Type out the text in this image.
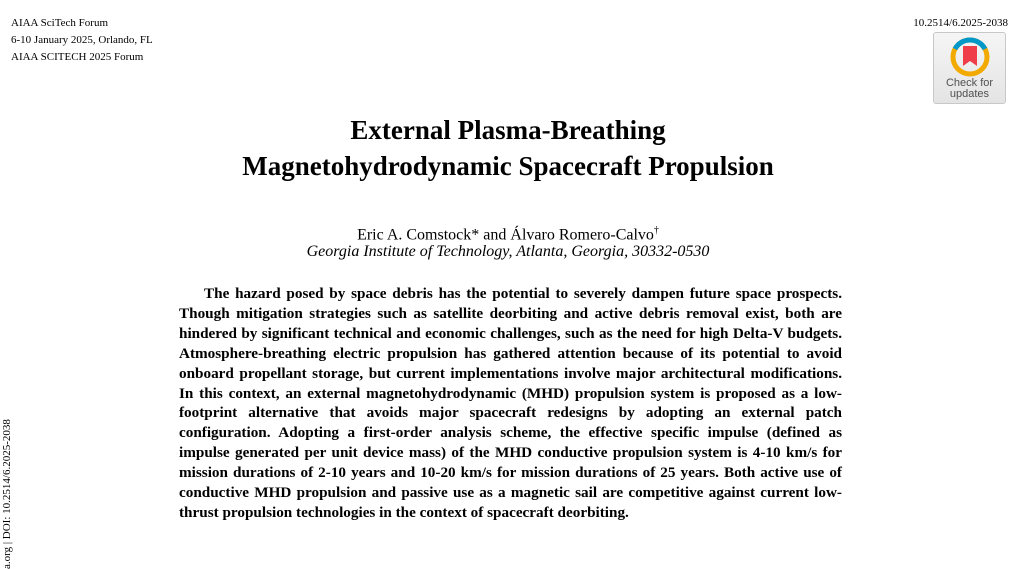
AIAA SciTech Forum
6-10 January 2025, Orlando, FL
AIAA SCITECH 2025 Forum
10.2514/6.2025-2038
Check for
updates
External Plasma-Breathing
Magnetohydrodynamic Spacecraft Propulsion
Eric A. Comstock* and Álvaro Romero-Calvo†
Georgia Institute of Technology, Atlanta, Georgia, 30332-0530
The hazard posed by space debris has the potential to severely dampen future space prospects. Though mitigation strategies such as satellite deorbiting and active debris removal exist, both are hindered by significant technical and economic challenges, such as the need for high Delta-V budgets. Atmosphere-breathing electric propulsion has gathered attention because of its potential to avoid onboard propellant storage, but current implementations involve major architectural modifications. In this context, an external magnetohydrodynamic (MHD) propulsion system is proposed as a low-footprint alternative that avoids major spacecraft redesigns by adopting an external patch configuration. Adopting a first-order analysis scheme, the effective specific impulse (defined as impulse generated per unit device mass) of the MHD conductive propulsion system is 4-10 km/s for mission durations of 2-10 years and 10-20 km/s for mission durations of 25 years. Both active use of conductive MHD propulsion and passive use as a magnetic sail are competitive against current low-thrust propulsion technologies in the context of spacecraft deorbiting.
a.org | DOI: 10.2514/6.2025-2038
